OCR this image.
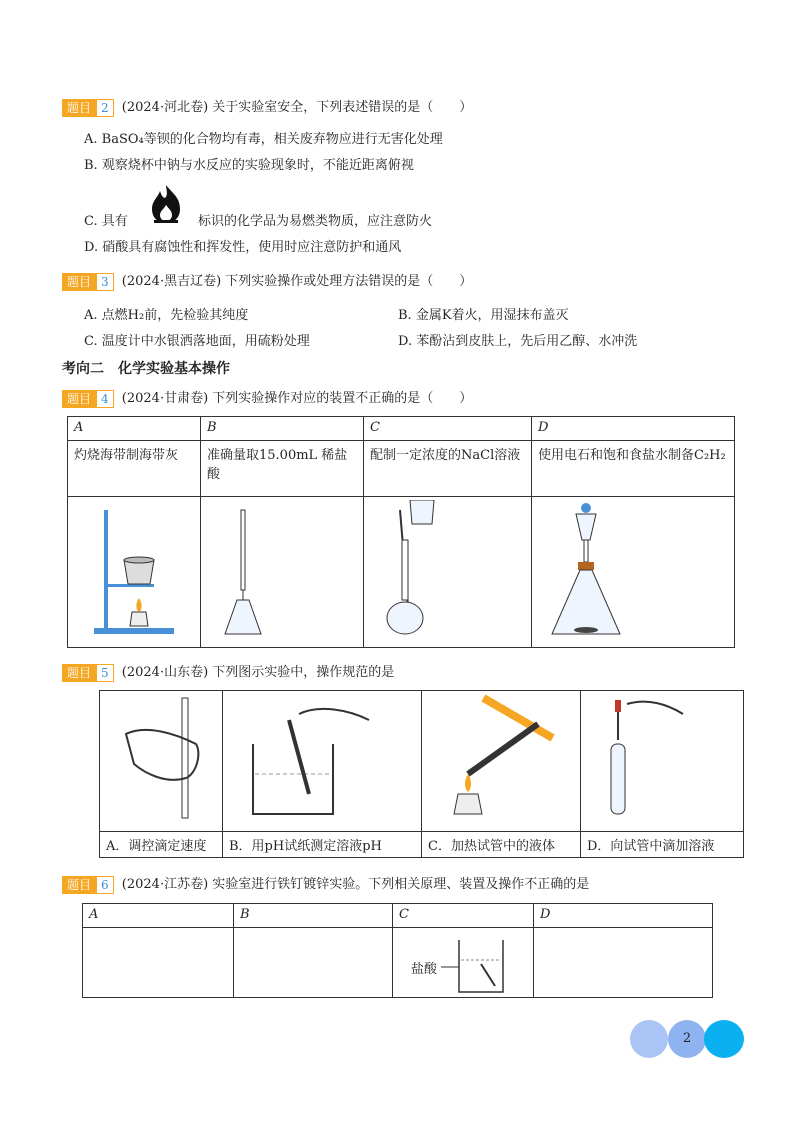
题目 2 (2024·河北卷) 关于实验室安全，下列表述错误的是（　　）
A. BaSO₄等钡的化合物均有毒，相关废弃物应进行无害化处理
B. 观察烧杯中钠与水反应的实验现象时，不能近距离俯视
C. 具有	标识的化学品为易燃类物质，应注意防火
D. 硝酸具有腐蚀性和挥发性，使用时应注意防护和通风
题目 3 (2024·黑吉辽卷) 下列实验操作或处理方法错误的是（　　）
A. 点燃H₂前，先检验其纯度	B. 金属K着火，用湿抹布盖灭
C. 温度计中水银洒落地面，用硫粉处理	D. 苯酚沾到皮肤上，先后用乙醇、水冲洗
考向二　化学实验基本操作
题目 4 (2024·甘肃卷) 下列实验操作对应的装置不正确的是（　　）
A	B	C	D
灼烧海带制海带灰	准确量取15.00mL 稀盐酸	配制一定浓度的NaCl溶液	使用电石和饱和食盐水制备C₂H₂

题目 5 (2024·山东卷) 下列图示实验中，操作规范的是

A．调控滴定速度	B．用pH试纸测定溶液pH	C．加热试管中的液体	D．向试管中滴加溶液
题目 6 (2024·江苏卷) 实验室进行铁钉镀锌实验。下列相关原理、装置及操作不正确的是
A	B	C	D

		盐酸	

2
